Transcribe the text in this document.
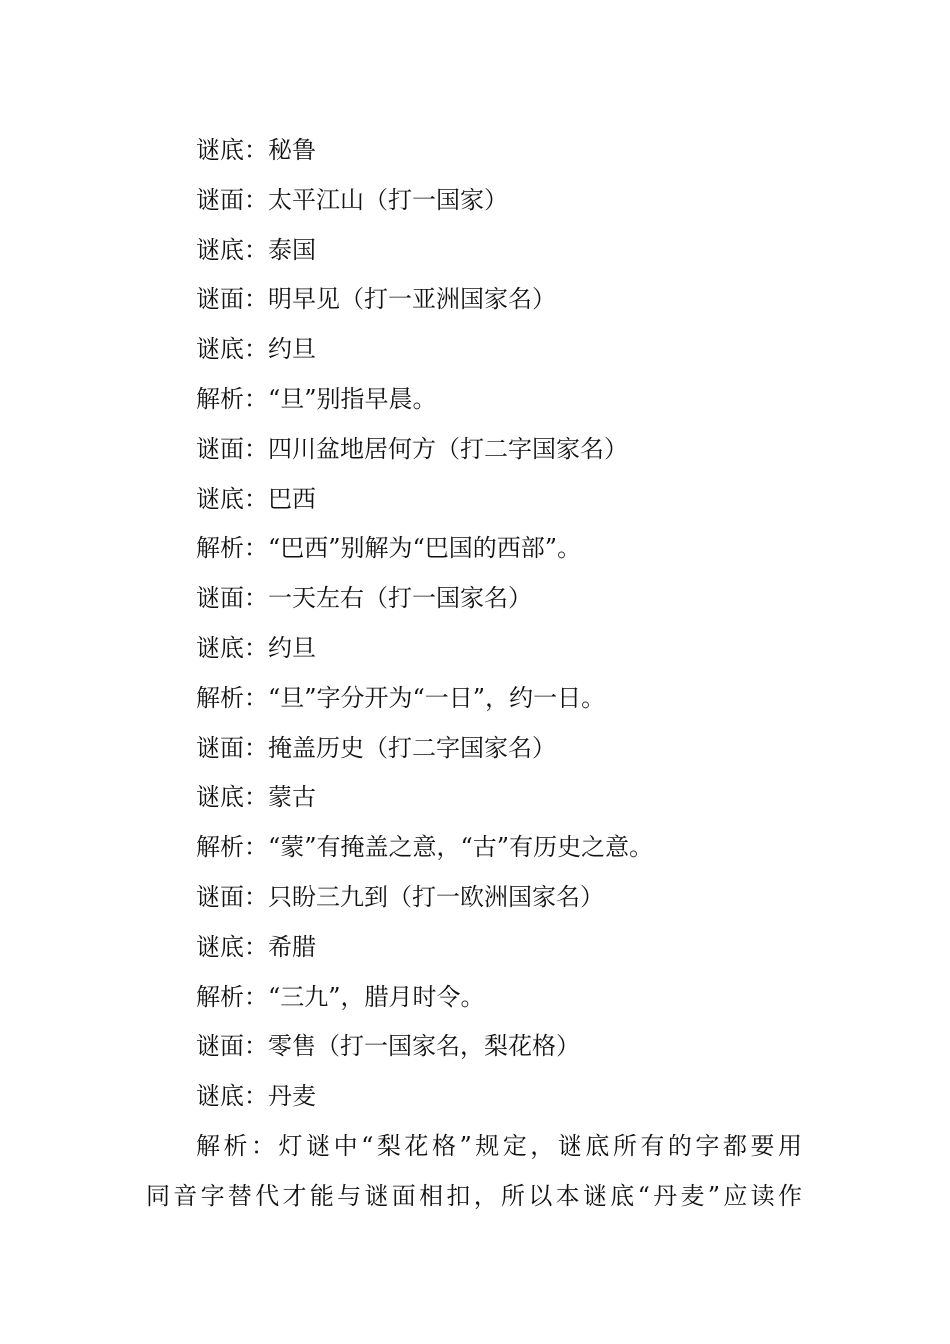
谜底：秘鲁
谜面：太平江山（打一国家）
谜底：泰国
谜面：明早见（打一亚洲国家名）
谜底：约旦
解析：“旦”别指早晨。
谜面：四川盆地居何方（打二字国家名）
谜底：巴西
解析：“巴西”别解为“巴国的西部”。
谜面：一天左右（打一国家名）
谜底：约旦
解析：“旦”字分开为“一日”，约一日。
谜面：掩盖历史（打二字国家名）
谜底：蒙古
解析：“蒙”有掩盖之意，“古”有历史之意。
谜面：只盼三九到（打一欧洲国家名）
谜底：希腊
解析：“三九”，腊月时令。
谜面：零售（打一国家名，梨花格）
谜底：丹麦
解析：灯谜中“梨花格”规定，谜底所有的字都要用
同音字替代才能与谜面相扣，所以本谜底“丹麦”应读作
